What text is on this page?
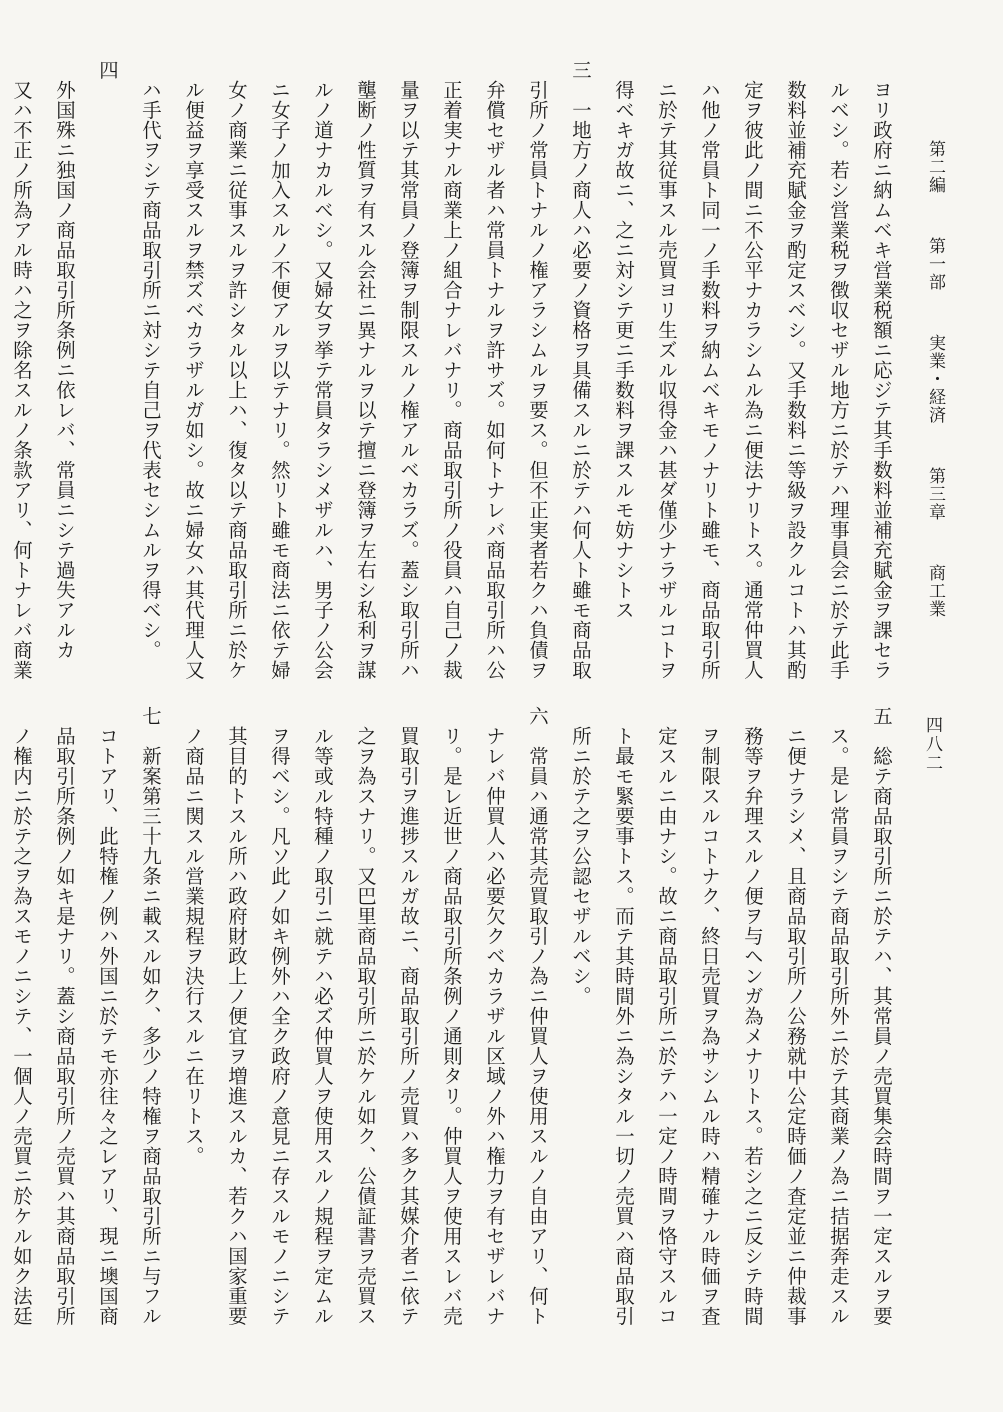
第二編 第一部 実業・経済 第三章 商工業
四八二
ヨリ政府ニ納ムベキ営業税額ニ応ジテ其手数料並補充賦金ヲ課セラ
ルベシ。若シ営業税ヲ徴収セザル地方ニ於テハ理事員会ニ於テ此手
数料並補充賦金ヲ酌定スベシ。又手数料ニ等級ヲ設クルコトハ其酌
定ヲ彼此ノ間ニ不公平ナカラシムル為ニ便法ナリトス。通常仲買人
ハ他ノ常員ト同一ノ手数料ヲ納ムベキモノナリト雖モ、商品取引所
ニ於テ其従事スル売買ヨリ生ズル収得金ハ甚ダ僅少ナラザルコトヲ
得ベキガ故ニ、之ニ対シテ更ニ手数料ヲ課スルモ妨ナシトス
三　一地方ノ商人ハ必要ノ資格ヲ具備スルニ於テハ何人ト雖モ商品取
引所ノ常員トナルノ権アラシムルヲ要ス。但不正実者若クハ負債ヲ
弁償セザル者ハ常員トナルヲ許サズ。如何トナレバ商品取引所ハ公
正着実ナル商業上ノ組合ナレバナリ。商品取引所ノ役員ハ自己ノ裁
量ヲ以テ其常員ノ登簿ヲ制限スルノ権アルベカラズ。蓋シ取引所ハ
壟断ノ性質ヲ有スル会社ニ異ナルヲ以テ擅ニ登簿ヲ左右シ私利ヲ謀
ルノ道ナカルベシ。又婦女ヲ挙テ常員タラシメザルハ、男子ノ公会
ニ女子ノ加入スルノ不便アルヲ以テナリ。然リト雖モ商法ニ依テ婦
女ノ商業ニ従事スルヲ許シタル以上ハ、復タ以テ商品取引所ニ於ケ
ル便益ヲ享受スルヲ禁ズベカラザルガ如シ。故ニ婦女ハ其代理人又
ハ手代ヲシテ商品取引所ニ対シテ自己ヲ代表セシムルヲ得ベシ。
四
外国殊ニ独国ノ商品取引所条例ニ依レバ、常員ニシテ過失アルカ
又ハ不正ノ所為アル時ハ之ヲ除名スルノ条款アリ、何トナレバ商業
五　総テ商品取引所ニ於テハ、其常員ノ売買集会時間ヲ一定スルヲ要
ス。是レ常員ヲシテ商品取引所外ニ於テ其商業ノ為ニ拮据奔走スル
ニ便ナラシメ、且商品取引所ノ公務就中公定時価ノ査定並ニ仲裁事
務等ヲ弁理スルノ便ヲ与ヘンガ為メナリトス。若シ之ニ反シテ時間
ヲ制限スルコトナク、終日売買ヲ為サシムル時ハ精確ナル時価ヲ査
定スルニ由ナシ。故ニ商品取引所ニ於テハ一定ノ時間ヲ恪守スルコ
ト最モ緊要事トス。而テ其時間外ニ為シタル一切ノ売買ハ商品取引
所ニ於テ之ヲ公認セザルベシ。
六　常員ハ通常其売買取引ノ為ニ仲買人ヲ使用スルノ自由アリ、何ト
ナレバ仲買人ハ必要欠クベカラザル区域ノ外ハ権力ヲ有セザレバナ
リ。是レ近世ノ商品取引所条例ノ通則タリ。仲買人ヲ使用スレバ売
買取引ヲ進捗スルガ故ニ、商品取引所ノ売買ハ多ク其媒介者ニ依テ
之ヲ為スナリ。又巴里商品取引所ニ於ケル如ク、公債証書ヲ売買ス
ル等或ル特種ノ取引ニ就テハ必ズ仲買人ヲ使用スルノ規程ヲ定ムル
ヲ得ベシ。凡ソ此ノ如キ例外ハ全ク政府ノ意見ニ存スルモノニシテ
其目的トスル所ハ政府財政上ノ便宜ヲ増進スルカ、若クハ国家重要
ノ商品ニ関スル営業規程ヲ決行スルニ在リトス。
七　新案第三十九条ニ載スル如ク、多少ノ特権ヲ商品取引所ニ与フル
コトアリ、此特権ノ例ハ外国ニ於テモ亦往々之レアリ、現ニ墺国商
品取引所条例ノ如キ是ナリ。蓋シ商品取引所ノ売買ハ其商品取引所
ノ権内ニ於テ之ヲ為スモノニシテ、一個人ノ売買ニ於ケル如ク法廷
